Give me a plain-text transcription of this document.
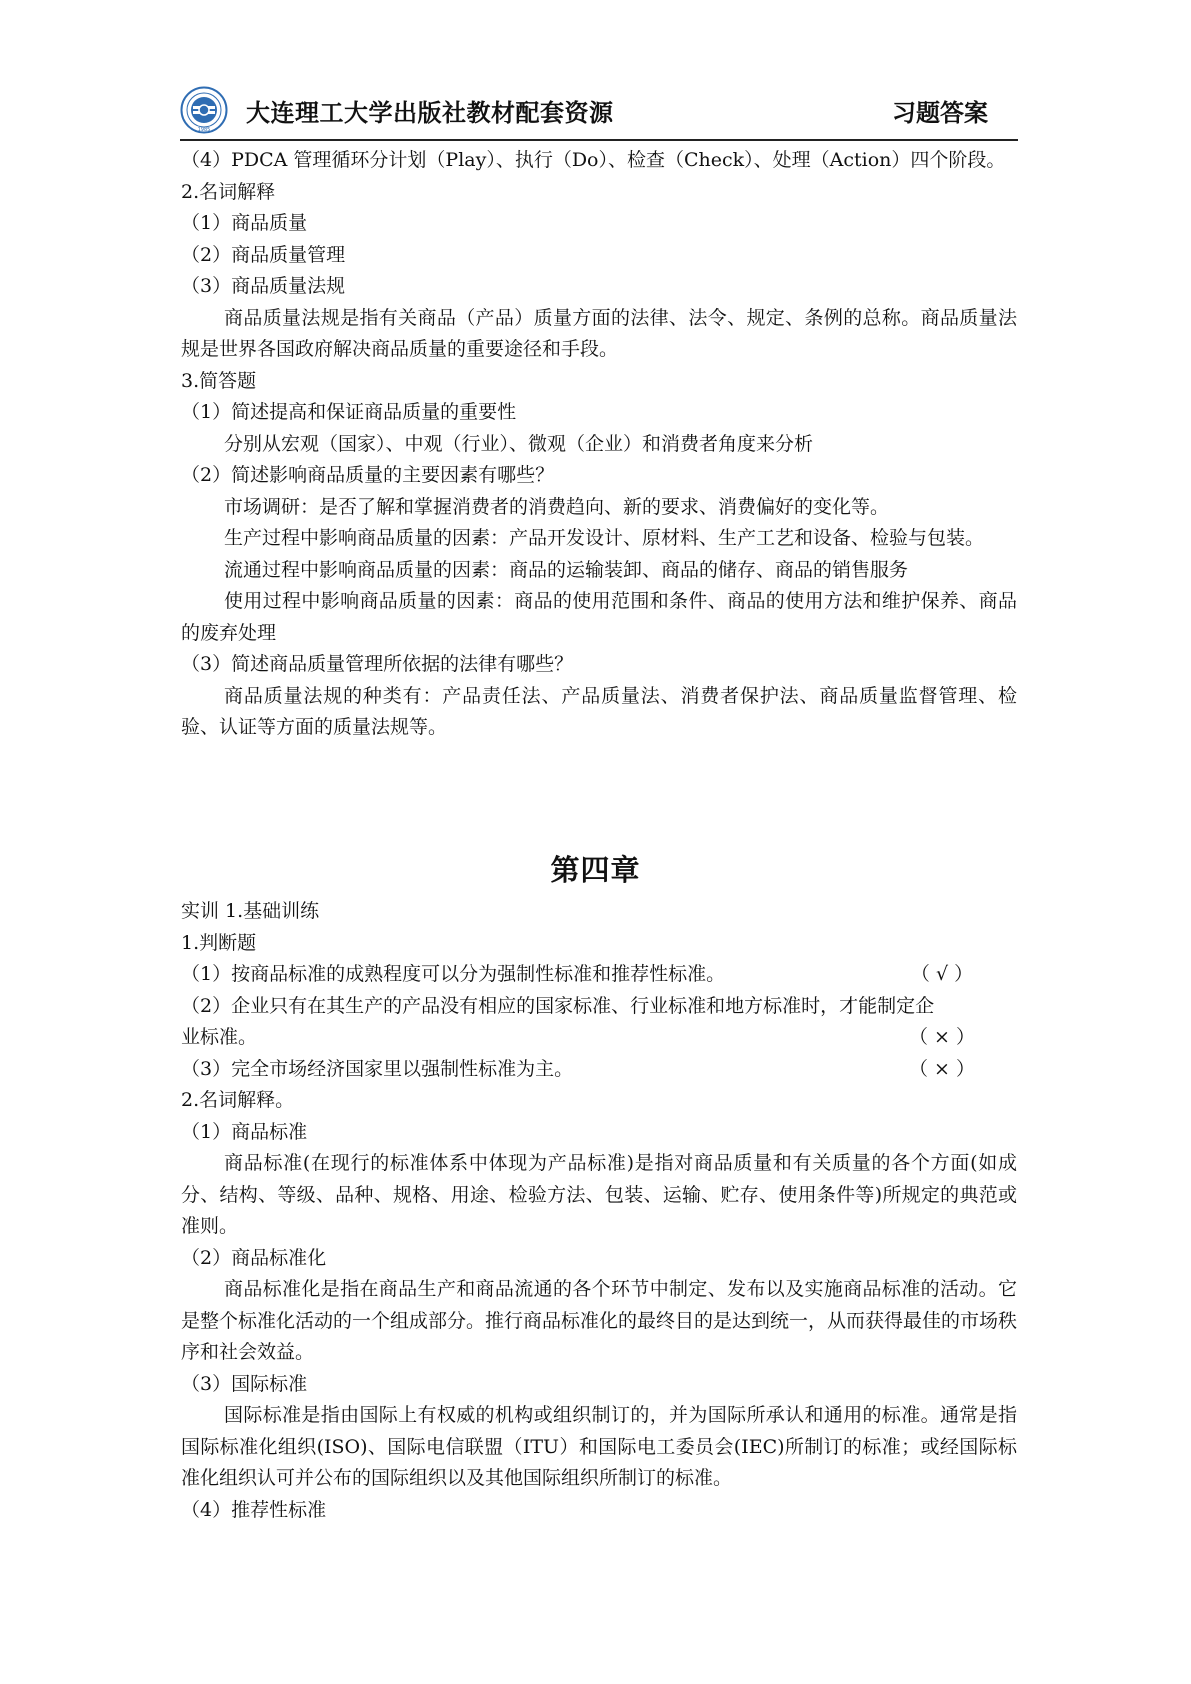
1985
大连理工大学出版社教材配套资源	习题答案
（4）PDCA 管理循环分计划（Play）、执行（Do）、检查（Check）、处理（Action）四个阶段。
2.名词解释
（1）商品质量
（2）商品质量管理
（3）商品质量法规
商品质量法规是指有关商品（产品）质量方面的法律、法令、规定、条例的总称。商品质量法规是世界各国政府解决商品质量的重要途径和手段。
3.简答题
（1）简述提高和保证商品质量的重要性
分别从宏观（国家）、中观（行业）、微观（企业）和消费者角度来分析
（2）简述影响商品质量的主要因素有哪些？
市场调研：是否了解和掌握消费者的消费趋向、新的要求、消费偏好的变化等。
生产过程中影响商品质量的因素：产品开发设计、原材料、生产工艺和设备、检验与包装。
流通过程中影响商品质量的因素：商品的运输装卸、商品的储存、商品的销售服务
使用过程中影响商品质量的因素：商品的使用范围和条件、商品的使用方法和维护保养、商品的废弃处理
（3）简述商品质量管理所依据的法律有哪些？
商品质量法规的种类有：产品责任法、产品质量法、消费者保护法、商品质量监督管理、检验、认证等方面的质量法规等。
第四章
实训 1.基础训练
1.判断题
（1）按商品标准的成熟程度可以分为强制性标准和推荐性标准。	（ √ ）
（2）企业只有在其生产的产品没有相应的国家标准、行业标准和地方标准时，才能制定企
业标准。	（ × ）
（3）完全市场经济国家里以强制性标准为主。	（ × ）
2.名词解释。
（1）商品标准
商品标准(在现行的标准体系中体现为产品标准)是指对商品质量和有关质量的各个方面(如成分、结构、等级、品种、规格、用途、检验方法、包装、运输、贮存、使用条件等)所规定的典范或准则。
（2）商品标准化
商品标准化是指在商品生产和商品流通的各个环节中制定、发布以及实施商品标准的活动。它是整个标准化活动的一个组成部分。推行商品标准化的最终目的是达到统一，从而获得最佳的市场秩序和社会效益。
（3）国际标准
国际标准是指由国际上有权威的机构或组织制订的，并为国际所承认和通用的标准。通常是指国际标准化组织(ISO)、国际电信联盟（ITU）和国际电工委员会(IEC)所制订的标准；或经国际标准化组织认可并公布的国际组织以及其他国际组织所制订的标准。
（4）推荐性标准
